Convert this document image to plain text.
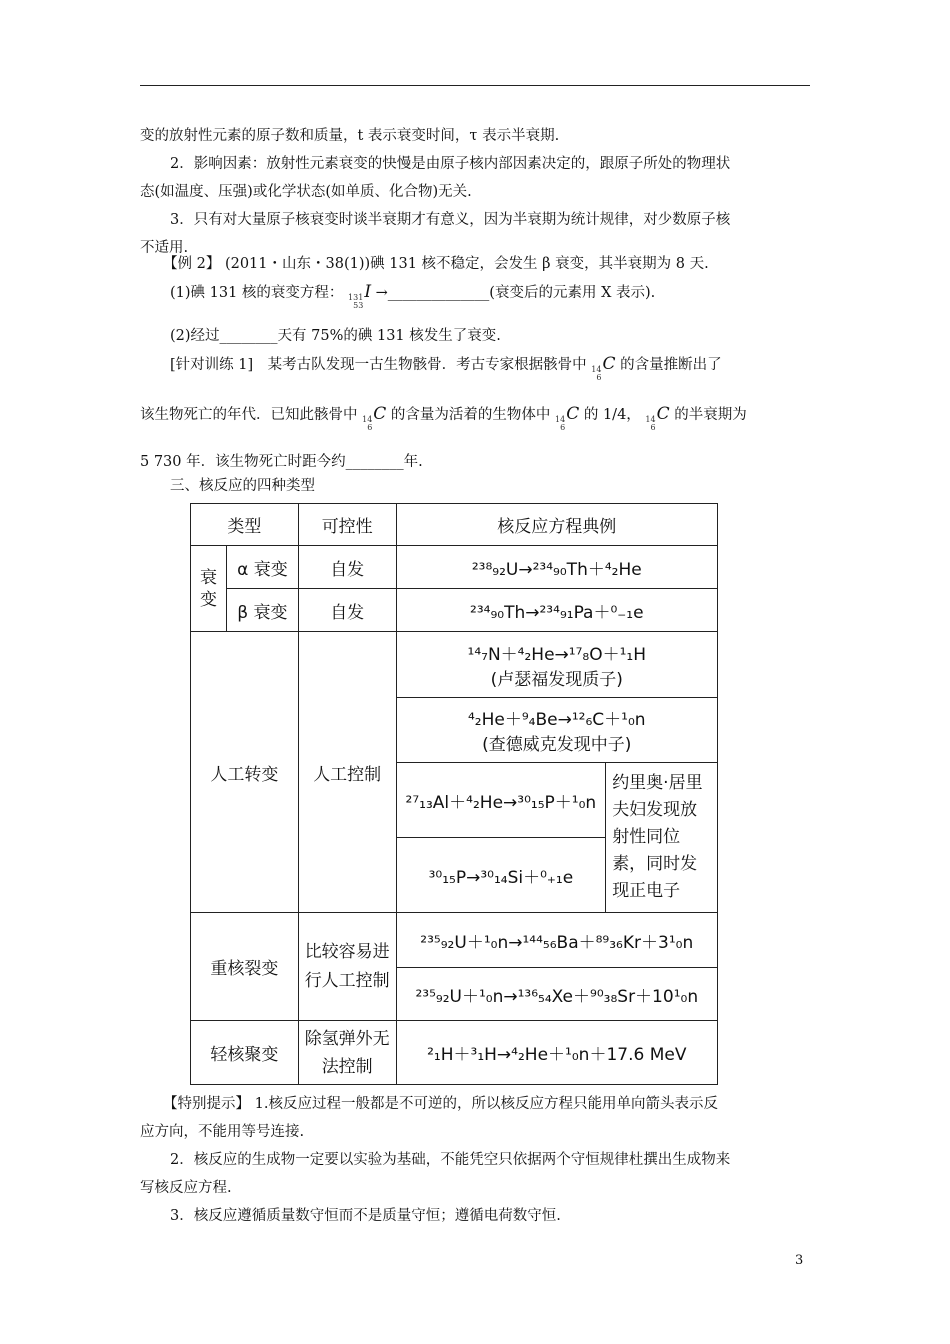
变的放射性元素的原子数和质量，t 表示衰变时间，τ 表示半衰期.
2．影响因素：放射性元素衰变的快慢是由原子核内部因素决定的，跟原子所处的物理状
态(如温度、压强)或化学状态(如单质、化合物)无关.
3．只有对大量原子核衰变时谈半衰期才有意义，因为半衰期为统计规律，对少数原子核
不适用.
【例 2】 (2011・山东・38(1))碘 131 核不稳定，会发生 β 衰变，其半衰期为 8 天.
(1)碘 131 核的衰变方程： 131
53
I →______________(衰变后的元素用 X 表示).
(2)经过________天有 75%的碘 131 核发生了衰变.
[针对训练 1]　某考古队发现一古生物骸骨．考古专家根据骸骨中 14
6
C 的含量推断出了
该生物死亡的年代．已知此骸骨中 14
6
C 的含量为活着的生物体中 14
6
C 的 1/4， 14
6
C 的半衰期为
5 730 年．该生物死亡时距今约________年.
三、核反应的四种类型
类型		可控性	核反应方程典例	
衰变	α 衰变	自发	²³⁸₉₂U→²³⁴₉₀Th＋⁴₂He	
	β 衰变	自发	²³⁴₉₀Th→²³⁴₉₁Pa＋⁰₋₁e	
人工转变		人工控制	¹⁴₇N＋⁴₂He→¹⁷₈O＋¹₁H
(卢瑟福发现质子)	

			⁴₂He＋⁹₄Be→¹²₆C＋¹₀n
(查德威克发现中子)	

			²⁷₁₃Al＋⁴₂He→³⁰₁₅P＋¹₀n	约里奥·居里夫妇发现放射性同位素，同时发现正电子
			³⁰₁₅P→³⁰₁₄Si＋⁰₊₁e	
重核裂变		比较容易进行人工控制	²³⁵₉₂U＋¹₀n→¹⁴⁴₅₆Ba＋⁸⁹₃₆Kr＋3¹₀n	
			²³⁵₉₂U＋¹₀n→¹³⁶₅₄Xe＋⁹⁰₃₈Sr＋10¹₀n	
轻核聚变		除氢弹外无法控制	²₁H＋³₁H→⁴₂He＋¹₀n＋17.6 MeV	
【特别提示】 1.核反应过程一般都是不可逆的，所以核反应方程只能用单向箭头表示反
应方向，不能用等号连接.
2．核反应的生成物一定要以实验为基础，不能凭空只依据两个守恒规律杜撰出生成物来
写核反应方程.
3．核反应遵循质量数守恒而不是质量守恒；遵循电荷数守恒.
3
